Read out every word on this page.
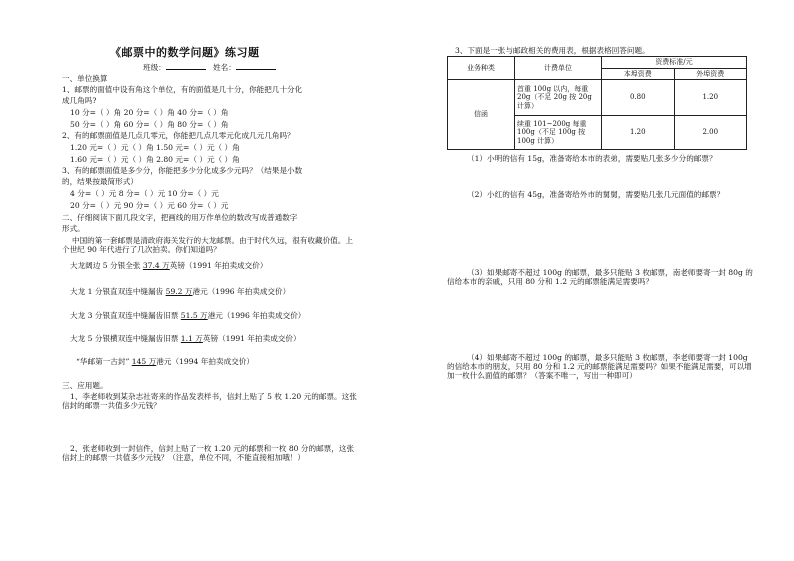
《邮票中的数学问题》练习题
班级：	姓名：
一、单位换算
1、邮票的面值中设有角这个单位，有的面值是几十分，你能把几十分化
成几角吗?
10 分=（ ）角 20 分=（ ）角 40 分=（ ）角
50 分=（ ）角 60 分=（ ）角 80 分=（ ）角
2、有的邮票面值是几点几零元，你能把几点几零元化成几元几角吗？
1.20 元=（ ）元（ ）角 1.50 元=（ ）元（ ）角
1.60 元=（ ）元（ ）角 2.80 元=（ ）元（ ）角
3、有的邮票面值是多少分，你能把多少分化成多少元吗？（结果是小数
的，结果按最简形式）
4 分=（ ）元 8 分=（ ）元 10 分=（ ）元
20 分=（ ）元 90 分=（ ）元 60 分=（ ）元
二、仔细阅读下面几段文字，把画线的用万作单位的数改写成普通数字
形式。
中国的第一套邮票是清政府海关发行的大龙邮票。由于时代久远，很有收藏价值。上个世纪 90 年代进行了几次拍卖。你们知道吗？
大龙阔边 5 分银全张 37.4 万英镑（1991 年拍卖成交价）
大龙 1 分银直双连中缝漏齿 59.2 万港元（1996 年拍卖成交价）
大龙 3 分银直双连中缝漏齿旧票 51.5 万港元（1996 年拍卖成交价）
大龙 5 分银横双连中缝漏齿旧票 1.1 万英镑（1991 年拍卖成交价）
“华邮第一古封” 145 万港元（1994 年拍卖成交价）
三、应用题。
1、李老师收到某杂志社寄来的作品发表样书，信封上贴了 5 枚 1.20 元的邮票。这张信封的邮票一共值多少元钱？
2、张老师收到一封信件，信封上贴了一枚 1.20 元的邮票和一枚 80 分的邮票，这张信封上的邮票一共值多少元钱？（注意，单位不同，不能直接相加哦！）
3、下面是一张与邮政相关的费用表，根据表格回答问题。
业务种类	计费单位	资费标准/元	
		本埠资费	外埠资费
信函	首重 100g 以内，每重 20g（不足 20g 按 20g 计算）	0.80	1.20
	续重 101~200g 每重 100g（不足 100g 按 100g 计算）	1.20	2.00
（1）小明的信有 15g，准备寄给本市的表弟，需要贴几张多少分的邮票？
（2）小红的信有 45g，准备寄给外市的舅舅，需要贴几张几元面值的邮票？
（3）如果邮寄不超过 100g 的邮票，最多只能贴 3 枚邮票，南老师要寄一封 80g 的信给本市的亲戚，只用 80 分和 1.2 元的邮票能满足需要吗？
（4）如果邮寄不超过 100g 的邮票，最多只能贴 3 枚邮票，李老师要寄一封 100g 的信给本市的朋友，只用 80 分和 1.2 元的邮票能满足需要吗？如果不能满足需要，可以增加一枚什么面值的邮票？（答案不唯一，写出一种即可）
